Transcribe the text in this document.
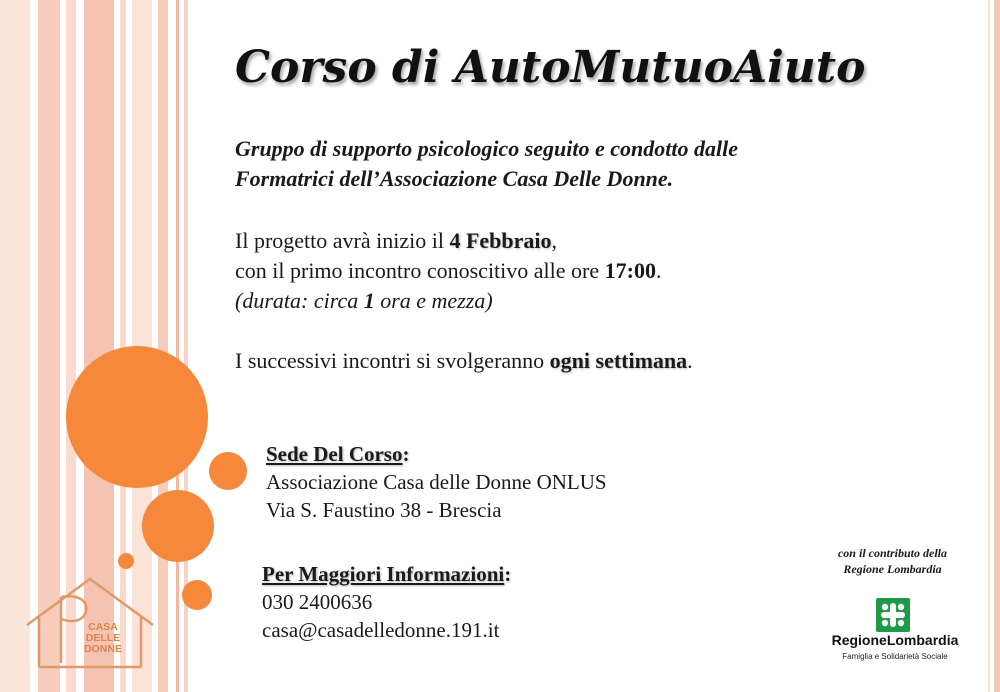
Corso di AutoMutuoAiuto
Gruppo di supporto psicologico seguito e condotto dalle
Formatrici dell’Associazione Casa Delle Donne.
Il progetto avrà inizio il 4 Febbraio,
con il primo incontro conoscitivo alle ore 17:00.
(durata: circa 1 ora e mezza)
I successivi incontri si svolgeranno ogni settimana.
Sede Del Corso:
Associazione Casa delle Donne ONLUS
Via S. Faustino 38 - Brescia
Per Maggiori Informazioni:
030 2400636
casa@casadelledonne.191.it
con il contributo della
Regione Lombardia
RegioneLombardia
Famiglia e Solidarietà Sociale
CASA
DELLE
DONNE
